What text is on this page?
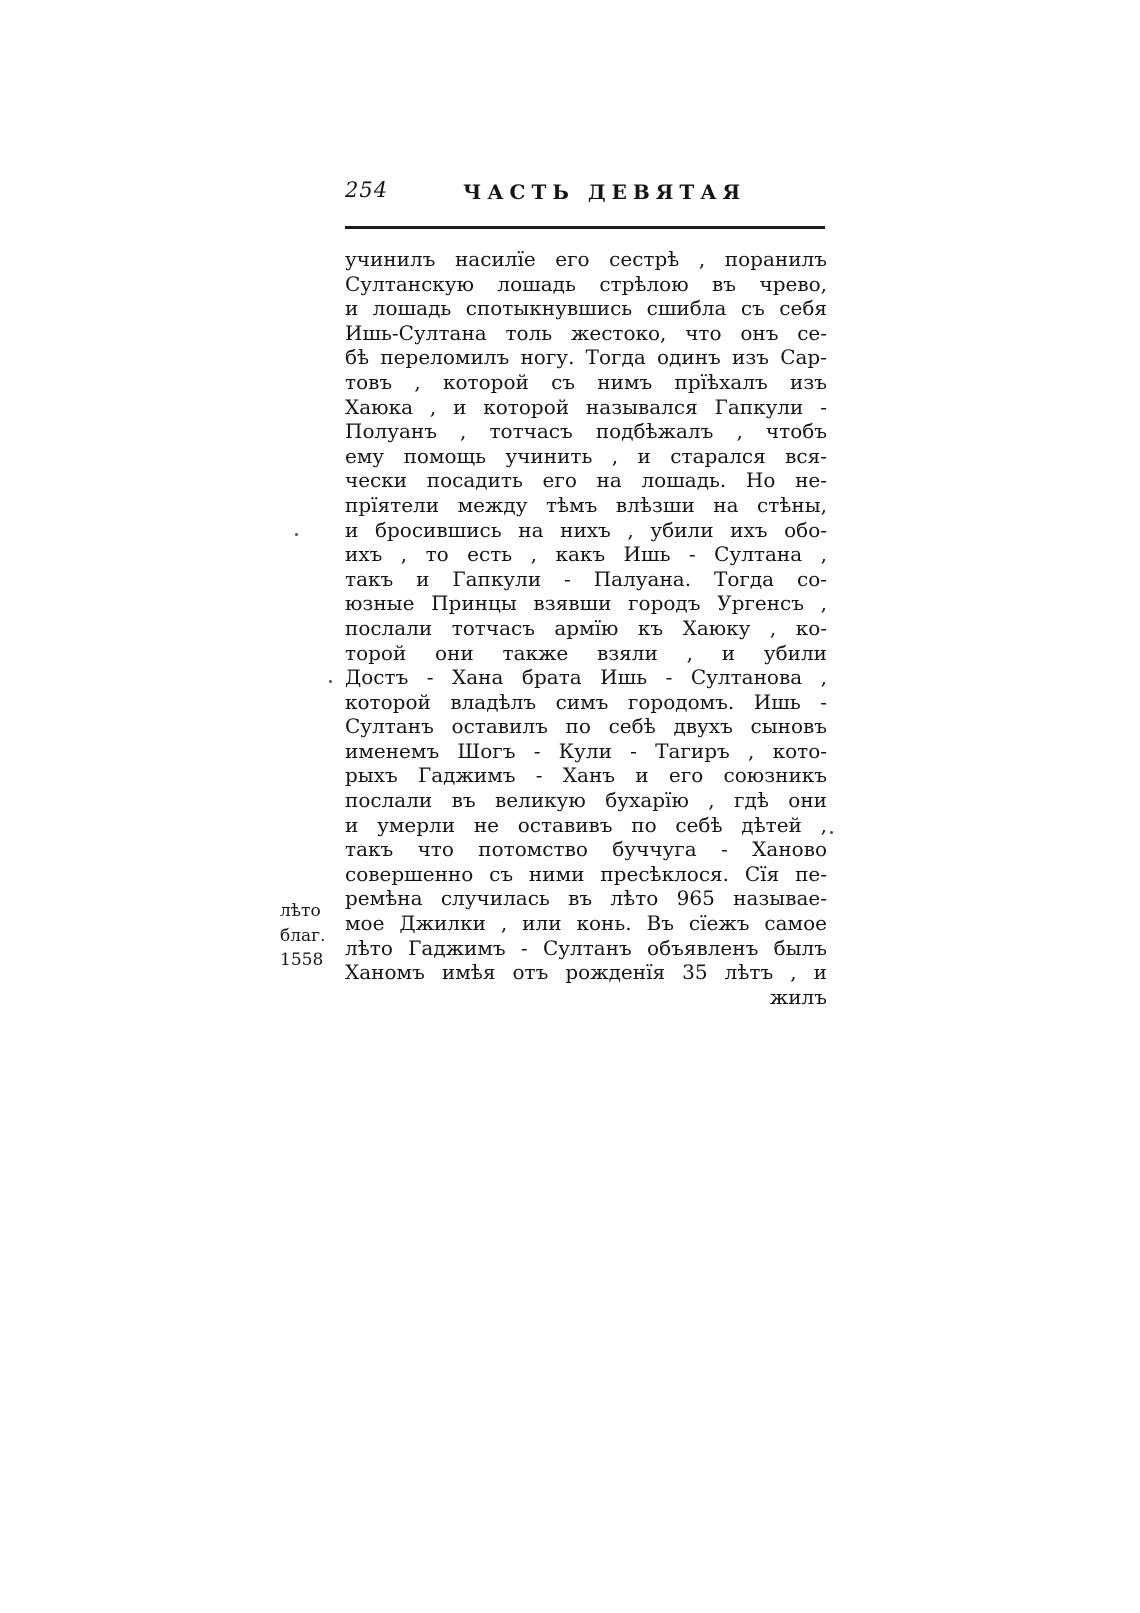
254	ЧАСТЬ ДЕВЯТАЯ
учинилъ насилїе его сестрѣ , поранилъ
Султанскую лошадь стрѣлою въ чрево,
и лошадь спотыкнувшись сшибла съ себя
Ишь-Султана толь жестоко, что онъ се-
бѣ переломилъ ногу. Тогда одинъ изъ Сар-
товъ , которой съ нимъ прїѣхалъ изъ
Хаюка , и которой назывался Гапкули -
Полуанъ , тотчасъ подбѣжалъ , чтобъ
ему помощь учинить , и старался вся-
чески посадить его на лошадь. Но не-
прїятели между тѣмъ влѣзши на стѣны,
и бросившись на нихъ , убили ихъ обо-
ихъ , то есть , какъ Ишь - Султана ,
такъ и Гапкули - Палуана. Тогда со-
юзные Принцы взявши городъ Ургенсъ ,
послали тотчасъ армїю къ Хаюку , ко-
торой они также взяли , и убили
Достъ - Хана брата Ишь - Султанова ,
которой владѣлъ симъ городомъ. Ишь -
Султанъ оставилъ по себѣ двухъ сыновъ
именемъ Шогъ - Кули - Тагиръ , кото-
рыхъ Гаджимъ - Ханъ и его союзникъ
послали въ великую бухарїю , гдѣ они
и умерли не оставивъ по себѣ дѣтей ,
такъ что потомство буччуга - Ханово
совершенно съ ними пресѣклося. Сїя пе-
ремѣна случилась въ лѣто 965 называе-
мое Джилки , или конь. Въ сїежъ самое
лѣто Гаджимъ - Султанъ объявленъ былъ
Ханомъ имѣя отъ рожденїя 35 лѣтъ , и
жилъ
лѣто
благ.
1558
